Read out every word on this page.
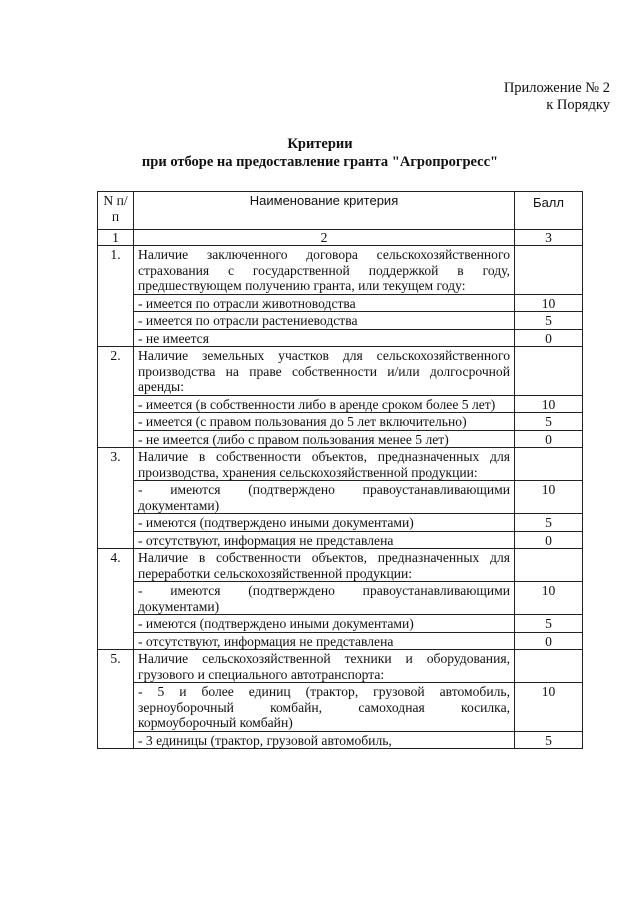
Приложение № 2
к Порядку
Критерии
при отборе на предоставление гранта "Агропрогресс"
N п/п	Наименование критерия	Балл
1	2	3
1.	Наличие заключенного договора сельскохозяйственного страхования с государственной поддержкой в году, предшествующем получению гранта, или текущем году:	
	- имеется по отрасли животноводства	10
	- имеется по отрасли растениеводства	5
	- не имеется	0
2.	Наличие земельных участков для сельскохозяйственного производства на праве собственности и/или долгосрочной аренды:	
	- имеется (в собственности либо в аренде сроком более 5 лет)	10
	- имеется (с правом пользования до 5 лет включительно)	5
	- не имеется (либо с правом пользования менее 5 лет)	0
3.	Наличие в собственности объектов, предназначенных для производства, хранения сельскохозяйственной продукции:	
	- имеются (подтверждено правоустанавливающими документами)	10
	- имеются (подтверждено иными документами)	5
	- отсутствуют, информация не представлена	0
4.	Наличие в собственности объектов, предназначенных для переработки сельскохозяйственной продукции:	
	- имеются (подтверждено правоустанавливающими документами)	10
	- имеются (подтверждено иными документами)	5
	- отсутствуют, информация не представлена	0
5.	Наличие сельскохозяйственной техники и оборудования, грузового и специального автотранспорта:	
	- 5 и более единиц (трактор, грузовой автомобиль, зерноуборочный комбайн, самоходная косилка, кормоуборочный комбайн)	10
	- 3 единицы (трактор, грузовой автомобиль,	5
